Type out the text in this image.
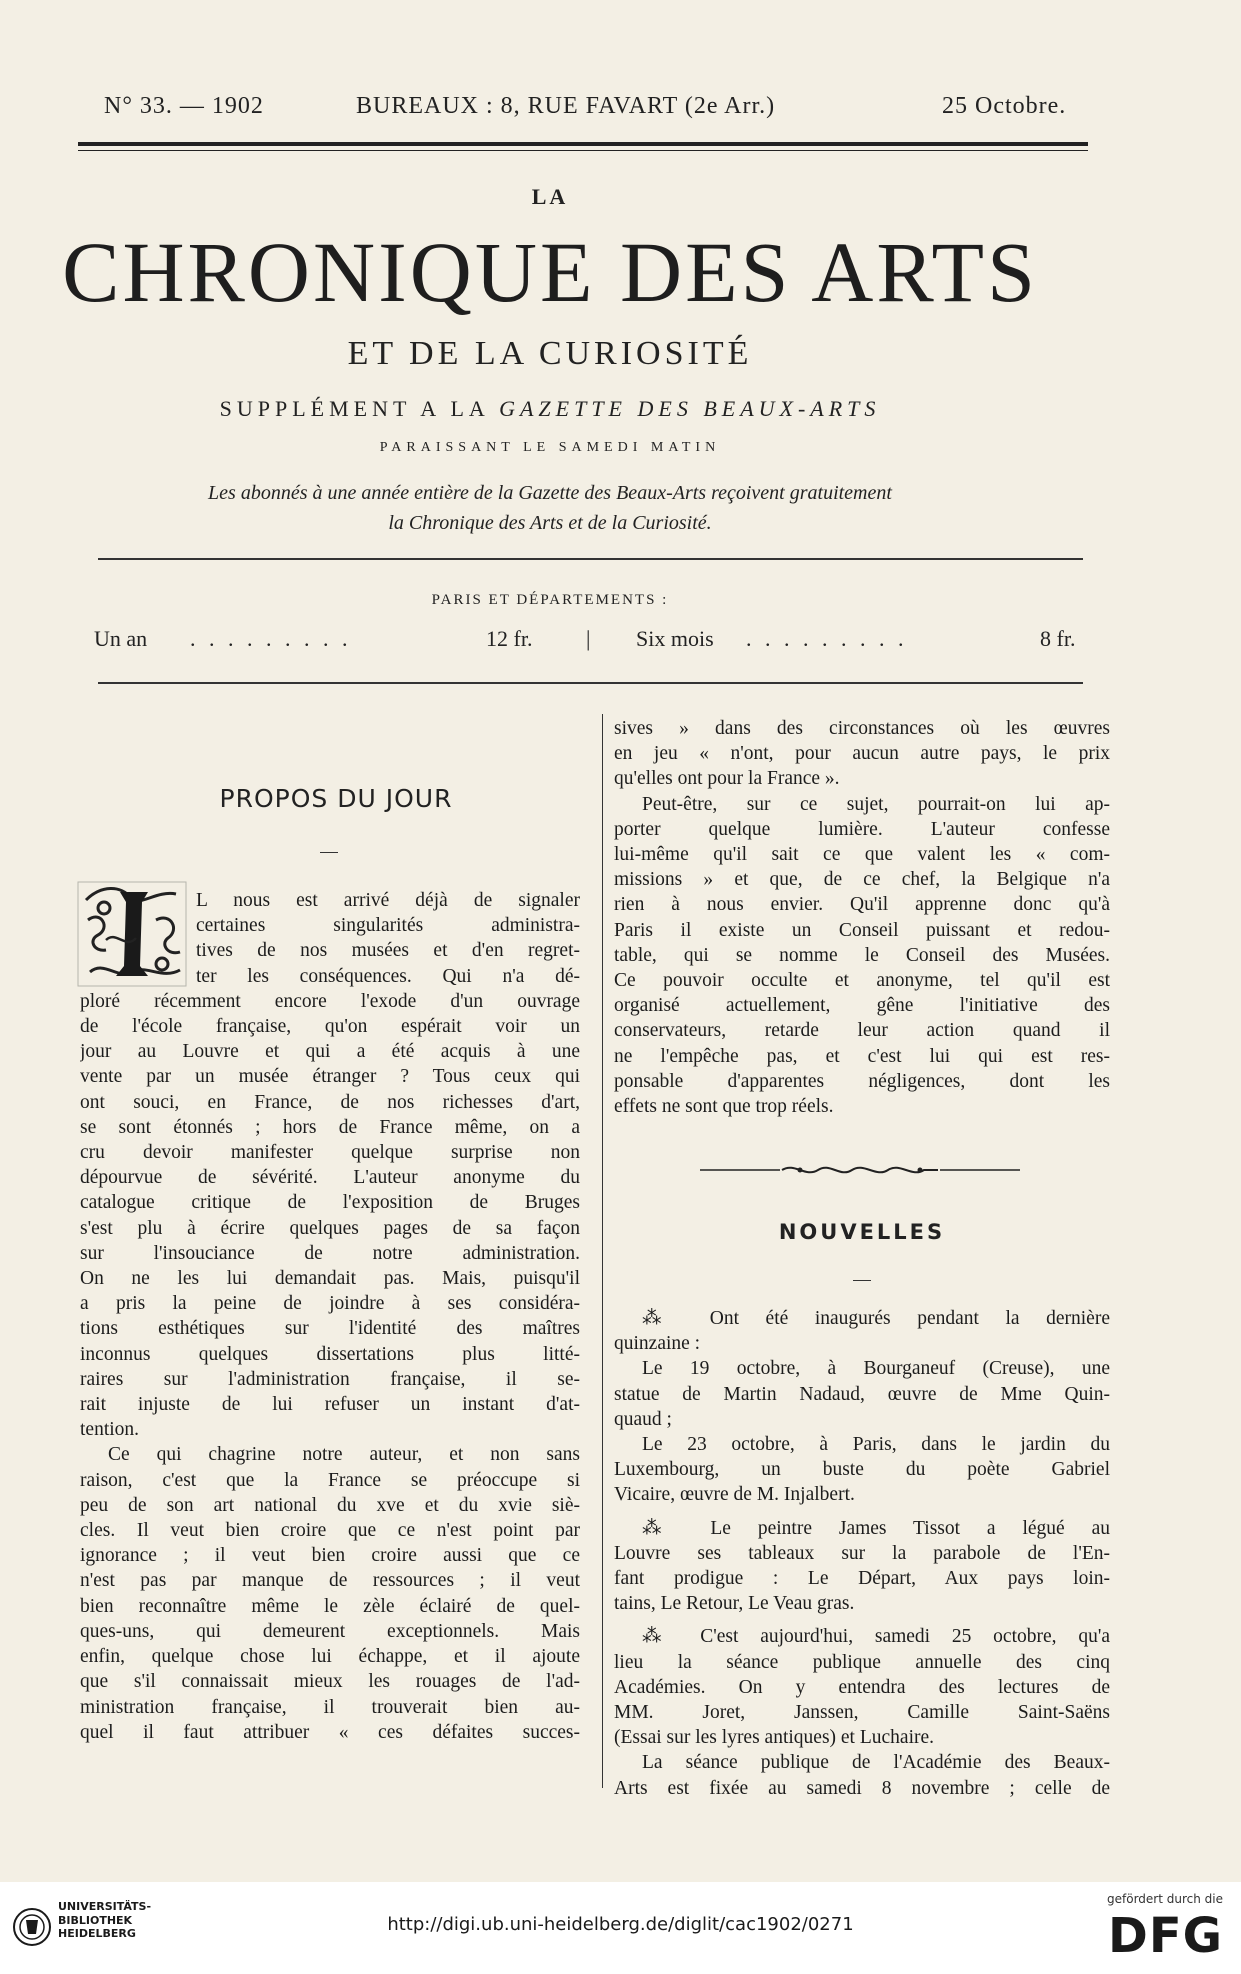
N° 33. — 1902	BUREAUX : 8, RUE FAVART (2e Arr.)	25 Octobre.
LA
CHRONIQUE DES ARTS
ET DE LA CURIOSITÉ
SUPPLÉMENT A LA GAZETTE DES BEAUX-ARTS
PARAISSANT LE SAMEDI MATIN
Les abonnés à une année entière de la Gazette des Beaux-Arts reçoivent gratuitement
la Chronique des Arts et de la Curiosité.
PARIS ET DÉPARTEMENTS :
Un an . . . . . . . . .	12 fr. | Six mois . . . . . . . . .	8 fr.
PROPOS DU JOUR
L nous est arrivé déjà de signaler
certaines singularités administra-
tives de nos musées et d'en regret-
ter les conséquences. Qui n'a dé-
ploré récemment encore l'exode d'un ouvrage
de l'école française, qu'on espérait voir un
jour au Louvre et qui a été acquis à une
vente par un musée étranger ? Tous ceux qui
ont souci, en France, de nos richesses d'art,
se sont étonnés ; hors de France même, on a
cru devoir manifester quelque surprise non
dépourvue de sévérité. L'auteur anonyme du
catalogue critique de l'exposition de Bruges
s'est plu à écrire quelques pages de sa façon
sur l'insouciance de notre administration.
On ne les lui demandait pas. Mais, puisqu'il
a pris la peine de joindre à ses considéra-
tions esthétiques sur l'identité des maîtres
inconnus quelques dissertations plus litté-
raires sur l'administration française, il se-
rait injuste de lui refuser un instant d'at-
tention.
Ce qui chagrine notre auteur, et non sans
raison, c'est que la France se préoccupe si
peu de son art national du xve et du xvie siè-
cles. Il veut bien croire que ce n'est point par
ignorance ; il veut bien croire aussi que ce
n'est pas par manque de ressources ; il veut
bien reconnaître même le zèle éclairé de quel-
ques-uns, qui demeurent exceptionnels. Mais
enfin, quelque chose lui échappe, et il ajoute
que s'il connaissait mieux les rouages de l'ad-
ministration française, il trouverait bien au-
quel il faut attribuer « ces défaites succes-
sives » dans des circonstances où les œuvres
en jeu « n'ont, pour aucun autre pays, le prix
qu'elles ont pour la France ».
Peut-être, sur ce sujet, pourrait-on lui ap-
porter quelque lumière. L'auteur confesse
lui-même qu'il sait ce que valent les « com-
missions » et que, de ce chef, la Belgique n'a
rien à nous envier. Qu'il apprenne donc qu'à
Paris il existe un Conseil puissant et redou-
table, qui se nomme le Conseil des Musées.
Ce pouvoir occulte et anonyme, tel qu'il est
organisé actuellement, gêne l'initiative des
conservateurs, retarde leur action quand il
ne l'empêche pas, et c'est lui qui est res-
ponsable d'apparentes négligences, dont les
effets ne sont que trop réels.
NOUVELLES
⁂ Ont été inaugurés pendant la dernière
quinzaine :
Le 19 octobre, à Bourganeuf (Creuse), une
statue de Martin Nadaud, œuvre de Mme Quin-
quaud ;
Le 23 octobre, à Paris, dans le jardin du
Luxembourg, un buste du poète Gabriel
Vicaire, œuvre de M. Injalbert.
⁂ Le peintre James Tissot a légué au
Louvre ses tableaux sur la parabole de l'En-
fant prodigue : Le Départ, Aux pays loin-
tains, Le Retour, Le Veau gras.
⁂ C'est aujourd'hui, samedi 25 octobre, qu'a
lieu la séance publique annuelle des cinq
Académies. On y entendra des lectures de
MM. Joret, Janssen, Camille Saint-Saëns
(Essai sur les lyres antiques) et Luchaire.
La séance publique de l'Académie des Beaux-
Arts est fixée au samedi 8 novembre ; celle de
UNIVERSITÄTS-
BIBLIOTHEK
HEIDELBERG	http://digi.ub.uni-heidelberg.de/diglit/cac1902/0271
gefördert durch die
DFG
